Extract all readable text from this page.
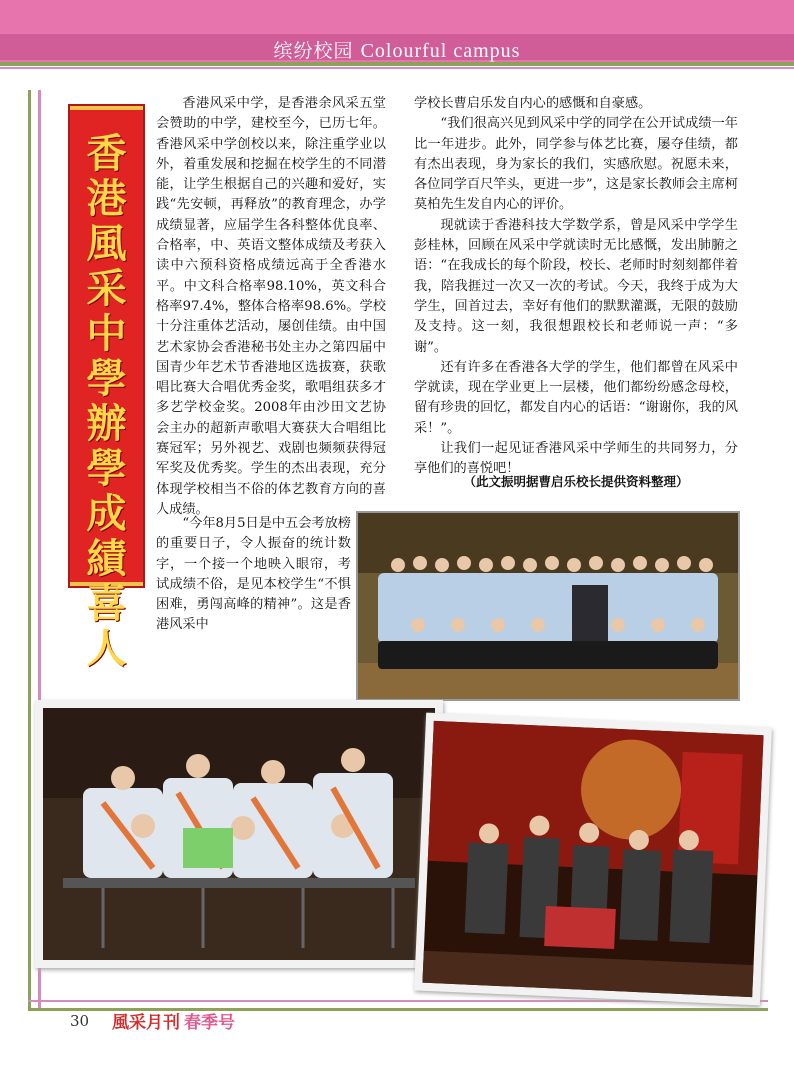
缤纷校园 Colourful campus
香港風采中學辦學成績喜人

香港风采中学，是香港余风采五堂会赞助的中学，建校至今，已历七年。香港风采中学创校以来，除注重学业以外，着重发展和挖掘在校学生的不同潜能，让学生根据自己的兴趣和爱好，实践“先安顿，再释放”的教育理念，办学成绩显著，应届学生各科整体优良率、合格率，中、英语文整体成绩及考获入读中六预科资格成绩远高于全香港水平。中文科合格率98.10%，英文科合格率97.4%，整体合格率98.6%。学校十分注重体艺活动，屡创佳绩。由中国艺术家协会香港秘书处主办之第四届中国青少年艺术节香港地区选拔赛，获歌唱比赛大合唱优秀金奖，歌唱组获多才多艺学校金奖。2008年由沙田文艺协会主办的超新声歌唱大赛获大合唱组比赛冠军；另外视艺、戏剧也频频获得冠军奖及优秀奖。学生的杰出表现，充分体现学校相当不俗的体艺教育方向的喜人成绩。

“今年8月5日是中五会考放榜的重要日子，令人振奋的统计数字，一个接一个地映入眼帘，考试成绩不俗，是见本校学生“不惧困难，勇闯高峰的精神”。这是香港风采中

学校长曹启乐发自内心的感慨和自豪感。

“我们很高兴见到风采中学的同学在公开试成绩一年比一年进步。此外，同学参与体艺比赛，屡夺佳绩，都有杰出表现，身为家长的我们，实感欣慰。祝愿未来，各位同学百尺竿头，更进一步”，这是家长教师会主席柯莫柏先生发自内心的评价。

现就读于香港科技大学数学系，曾是风采中学学生彭桂林，回顾在风采中学就读时无比感慨，发出肺腑之语：“在我成长的每个阶段，校长、老师时时刻刻都伴着我，陪我捱过一次又一次的考试。今天，我终于成为大学生，回首过去，幸好有他们的默默灌溉，无限的鼓励及支持。这一刻，我很想跟校长和老师说一声：“多谢”。

还有许多在香港各大学的学生，他们都曾在风采中学就读，现在学业更上一层楼，他们都纷纷感念母校，留有珍贵的回忆，都发自内心的话语：“谢谢你，我的风采！”。

让我们一起见证香港风采中学师生的共同努力，分享他们的喜悦吧！

（此文振明据曹启乐校长提供资料整理）
30 風采月刊 春季号
